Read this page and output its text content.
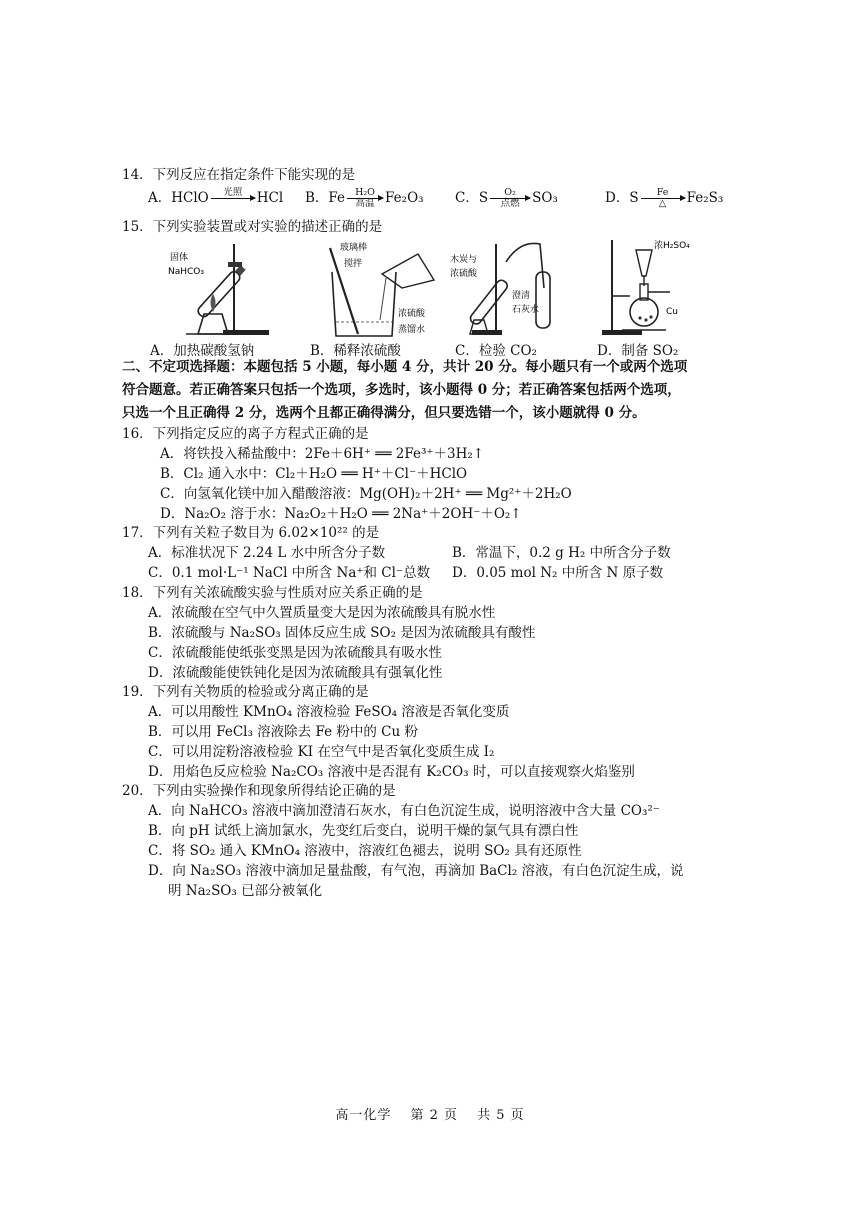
14．下列反应在指定条件下能实现的是
A．HClO	光照
	HCl B．Fe	H₂O
高温 Fe₂O₃ C．S	O₂
点燃 SO₃	D．S	Fe
△	Fe₂S₃
15．下列实验装置或对实验的描述正确的是
固体
NaHCO₃
玻璃棒
搅拌
浓硫酸
蒸馏水
木炭与
浓硫酸
澄清
石灰水
浓H₂SO₄
Cu
A．加热碳酸氢钠	B．稀释浓硫酸	C．检验 CO₂	D．制备 SO₂
二、不定项选择题：本题包括 5 小题，每小题 4 分，共计 20 分。每小题只有一个或两个选项
符合题意。若正确答案只包括一个选项，多选时，该小题得 0 分；若正确答案包括两个选项，
只选一个且正确得 2 分，选两个且都正确得满分，但只要选错一个，该小题就得 0 分。
16．下列指定反应的离子方程式正确的是
A．将铁投入稀盐酸中：2Fe＋6H⁺ ══ 2Fe³⁺＋3H₂↑
B．Cl₂ 通入水中：Cl₂＋H₂O ══ H⁺＋Cl⁻＋HClO
C．向氢氧化镁中加入醋酸溶液：Mg(OH)₂＋2H⁺ ══ Mg²⁺＋2H₂O
D．Na₂O₂ 溶于水：Na₂O₂＋H₂O ══ 2Na⁺＋2OH⁻＋O₂↑
17．下列有关粒子数目为 6.02×10²² 的是
A．标准状况下 2.24 L 水中所含分子数	B．常温下，0.2 g H₂ 中所含分子数
C．0.1 mol·L⁻¹ NaCl 中所含 Na⁺和 Cl⁻总数 D．0.05 mol N₂ 中所含 N 原子数
18．下列有关浓硫酸实验与性质对应关系正确的是
A．浓硫酸在空气中久置质量变大是因为浓硫酸具有脱水性
B．浓硫酸与 Na₂SO₃ 固体反应生成 SO₂ 是因为浓硫酸具有酸性
C．浓硫酸能使纸张变黑是因为浓硫酸具有吸水性
D．浓硫酸能使铁钝化是因为浓硫酸具有强氧化性
19．下列有关物质的检验或分离正确的是
A．可以用酸性 KMnO₄ 溶液检验 FeSO₄ 溶液是否氧化变质
B．可以用 FeCl₃ 溶液除去 Fe 粉中的 Cu 粉
C．可以用淀粉溶液检验 KI 在空气中是否氧化变质生成 I₂
D．用焰色反应检验 Na₂CO₃ 溶液中是否混有 K₂CO₃ 时，可以直接观察火焰鉴别
20．下列由实验操作和现象所得结论正确的是
A．向 NaHCO₃ 溶液中滴加澄清石灰水，有白色沉淀生成，说明溶液中含大量 CO₃²⁻
B．向 pH 试纸上滴加氯水，先变红后变白，说明干燥的氯气具有漂白性
C．将 SO₂ 通入 KMnO₄ 溶液中，溶液红色褪去，说明 SO₂ 具有还原性
D．向 Na₂SO₃ 溶液中滴加足量盐酸，有气泡，再滴加 BaCl₂ 溶液，有白色沉淀生成，说
明 Na₂SO₃ 已部分被氧化
高一化学　 第 2 页　 共 5 页
